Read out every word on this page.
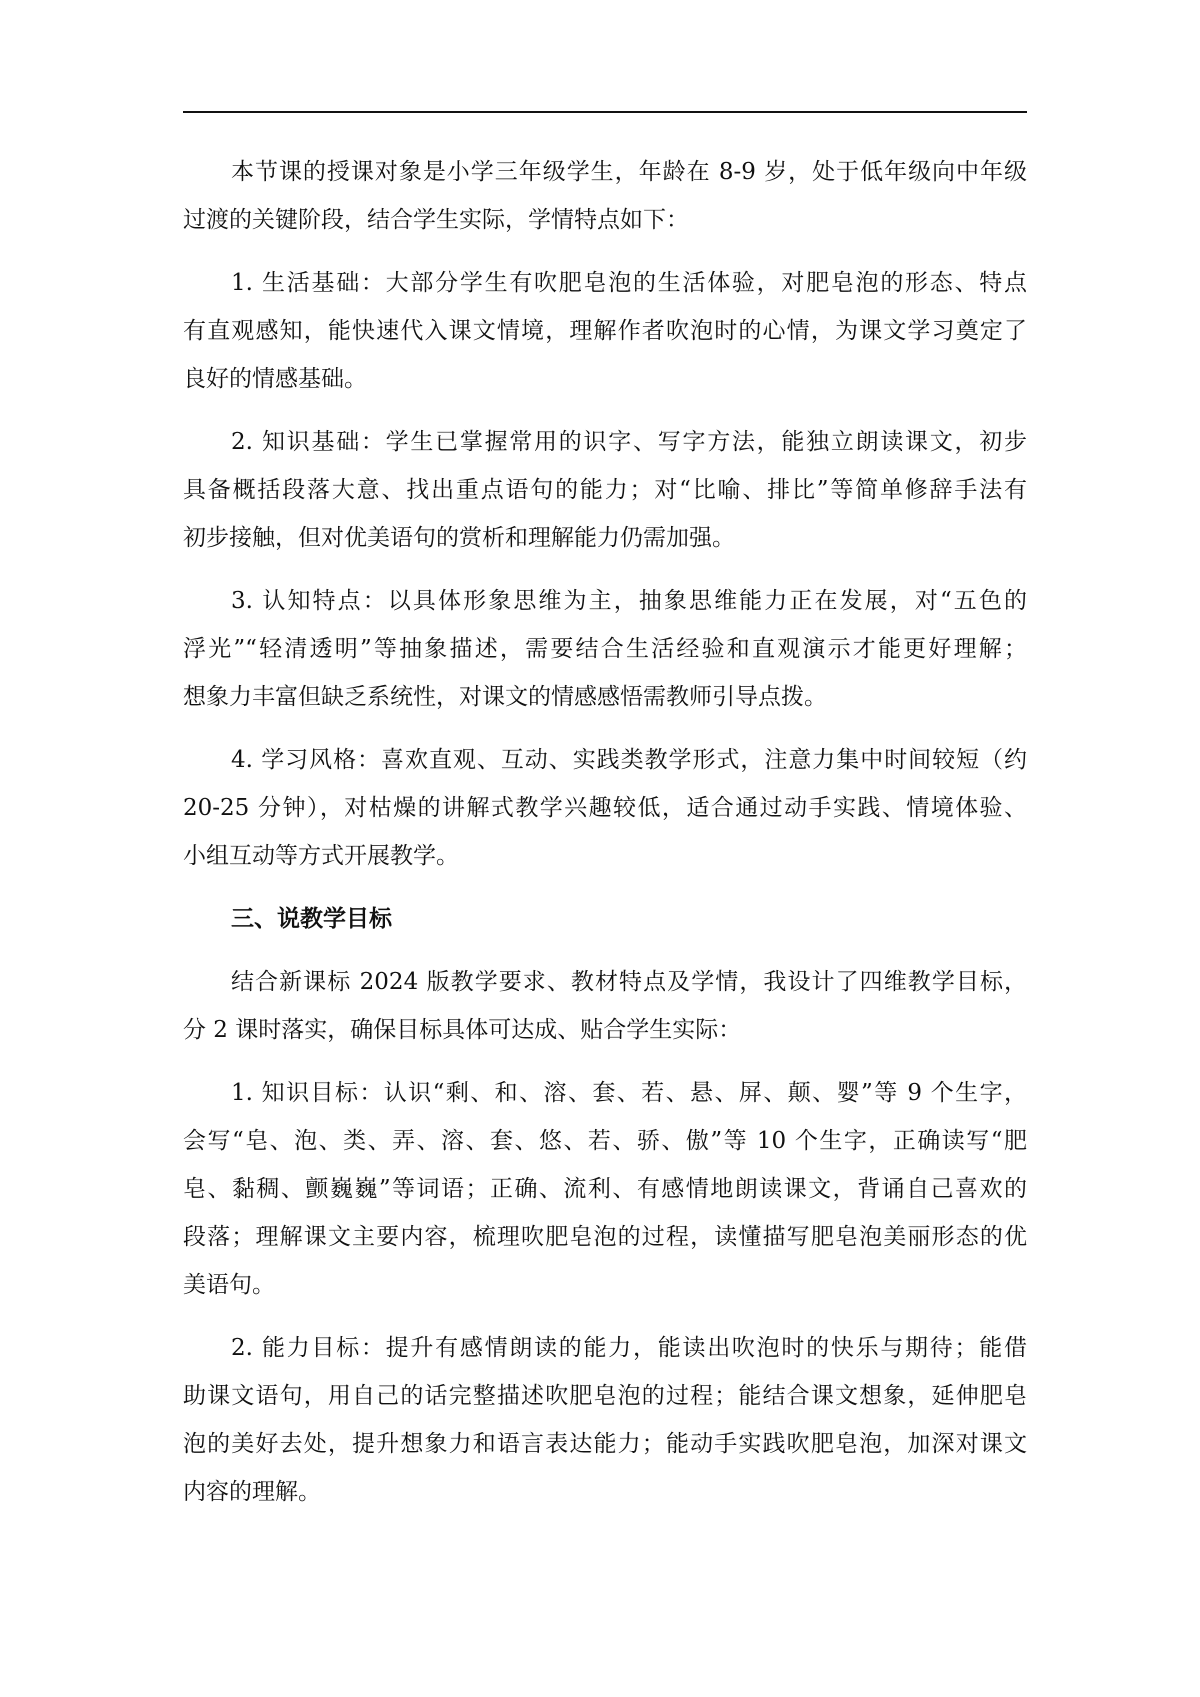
本节课的授课对象是小学三年级学生，年龄在 8-9 岁，处于低年级向中年级
过渡的关键阶段，结合学生实际，学情特点如下：
1. 生活基础：大部分学生有吹肥皂泡的生活体验，对肥皂泡的形态、特点
有直观感知，能快速代入课文情境，理解作者吹泡时的心情，为课文学习奠定了
良好的情感基础。
2. 知识基础：学生已掌握常用的识字、写字方法，能独立朗读课文，初步
具备概括段落大意、找出重点语句的能力；对“比喻、排比”等简单修辞手法有
初步接触，但对优美语句的赏析和理解能力仍需加强。
3. 认知特点：以具体形象思维为主，抽象思维能力正在发展，对“五色的
浮光”“轻清透明”等抽象描述，需要结合生活经验和直观演示才能更好理解；
想象力丰富但缺乏系统性，对课文的情感感悟需教师引导点拨。
4. 学习风格：喜欢直观、互动、实践类教学形式，注意力集中时间较短（约
20-25 分钟），对枯燥的讲解式教学兴趣较低，适合通过动手实践、情境体验、
小组互动等方式开展教学。
三、说教学目标
结合新课标 2024 版教学要求、教材特点及学情，我设计了四维教学目标，
分 2 课时落实，确保目标具体可达成、贴合学生实际：
1. 知识目标：认识“剩、和、溶、套、若、悬、屏、颠、婴”等 9 个生字，
会写“皂、泡、类、弄、溶、套、悠、若、骄、傲”等 10 个生字，正确读写“肥
皂、黏稠、颤巍巍”等词语；正确、流利、有感情地朗读课文，背诵自己喜欢的
段落；理解课文主要内容，梳理吹肥皂泡的过程，读懂描写肥皂泡美丽形态的优
美语句。
2. 能力目标：提升有感情朗读的能力，能读出吹泡时的快乐与期待；能借
助课文语句，用自己的话完整描述吹肥皂泡的过程；能结合课文想象，延伸肥皂
泡的美好去处，提升想象力和语言表达能力；能动手实践吹肥皂泡，加深对课文
内容的理解。
